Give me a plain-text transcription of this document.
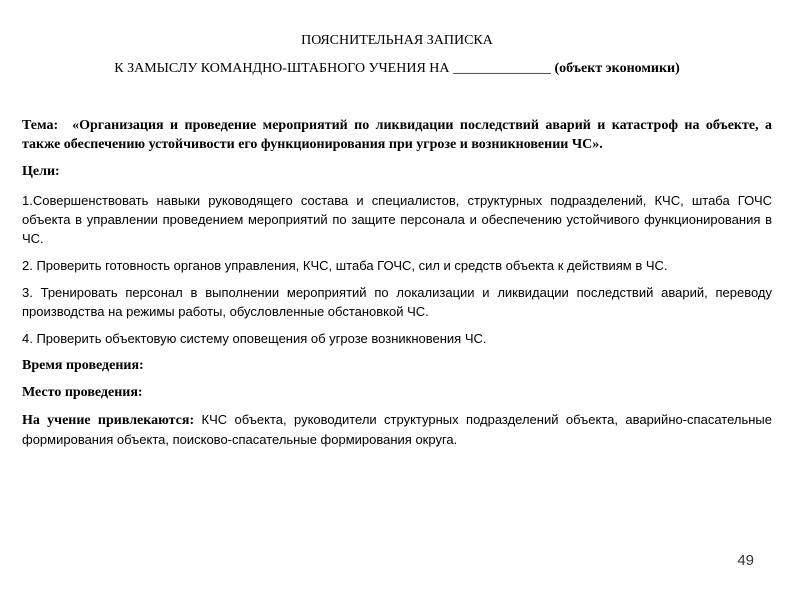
ПОЯСНИТЕЛЬНАЯ ЗАПИСКА
К ЗАМЫСЛУ КОМАНДНО-ШТАБНОГО УЧЕНИЯ НА ______________ (объект экономики)

Тема: «Организация и проведение мероприятий по ликвидации последствий аварий и катастроф на объекте, а также обеспечению устойчивости его функционирования при угрозе и возникновении ЧС».

Цели:

1.Совершенствовать навыки руководящего состава и специалистов, структурных подразделений, КЧС, штаба ГОЧС объекта в управлении проведением мероприятий по защите персонала и обеспечению устойчивого функционирования в ЧС.

2. Проверить готовность органов управления, КЧС, штаба ГОЧС, сил и средств объекта к действиям в ЧС.

3. Тренировать персонал в выполнении мероприятий по локализации и ликвидации последствий аварий, переводу производства на режимы работы, обусловленные обстановкой ЧС.

4. Проверить объектовую систему оповещения об угрозе возникновения ЧС.

Время проведения:

Место проведения:

На учение привлекаются: КЧС объекта, руководители структурных подразделений объекта, аварийно-спасательные формирования объекта, поисково-спасательные формирования округа.

49
